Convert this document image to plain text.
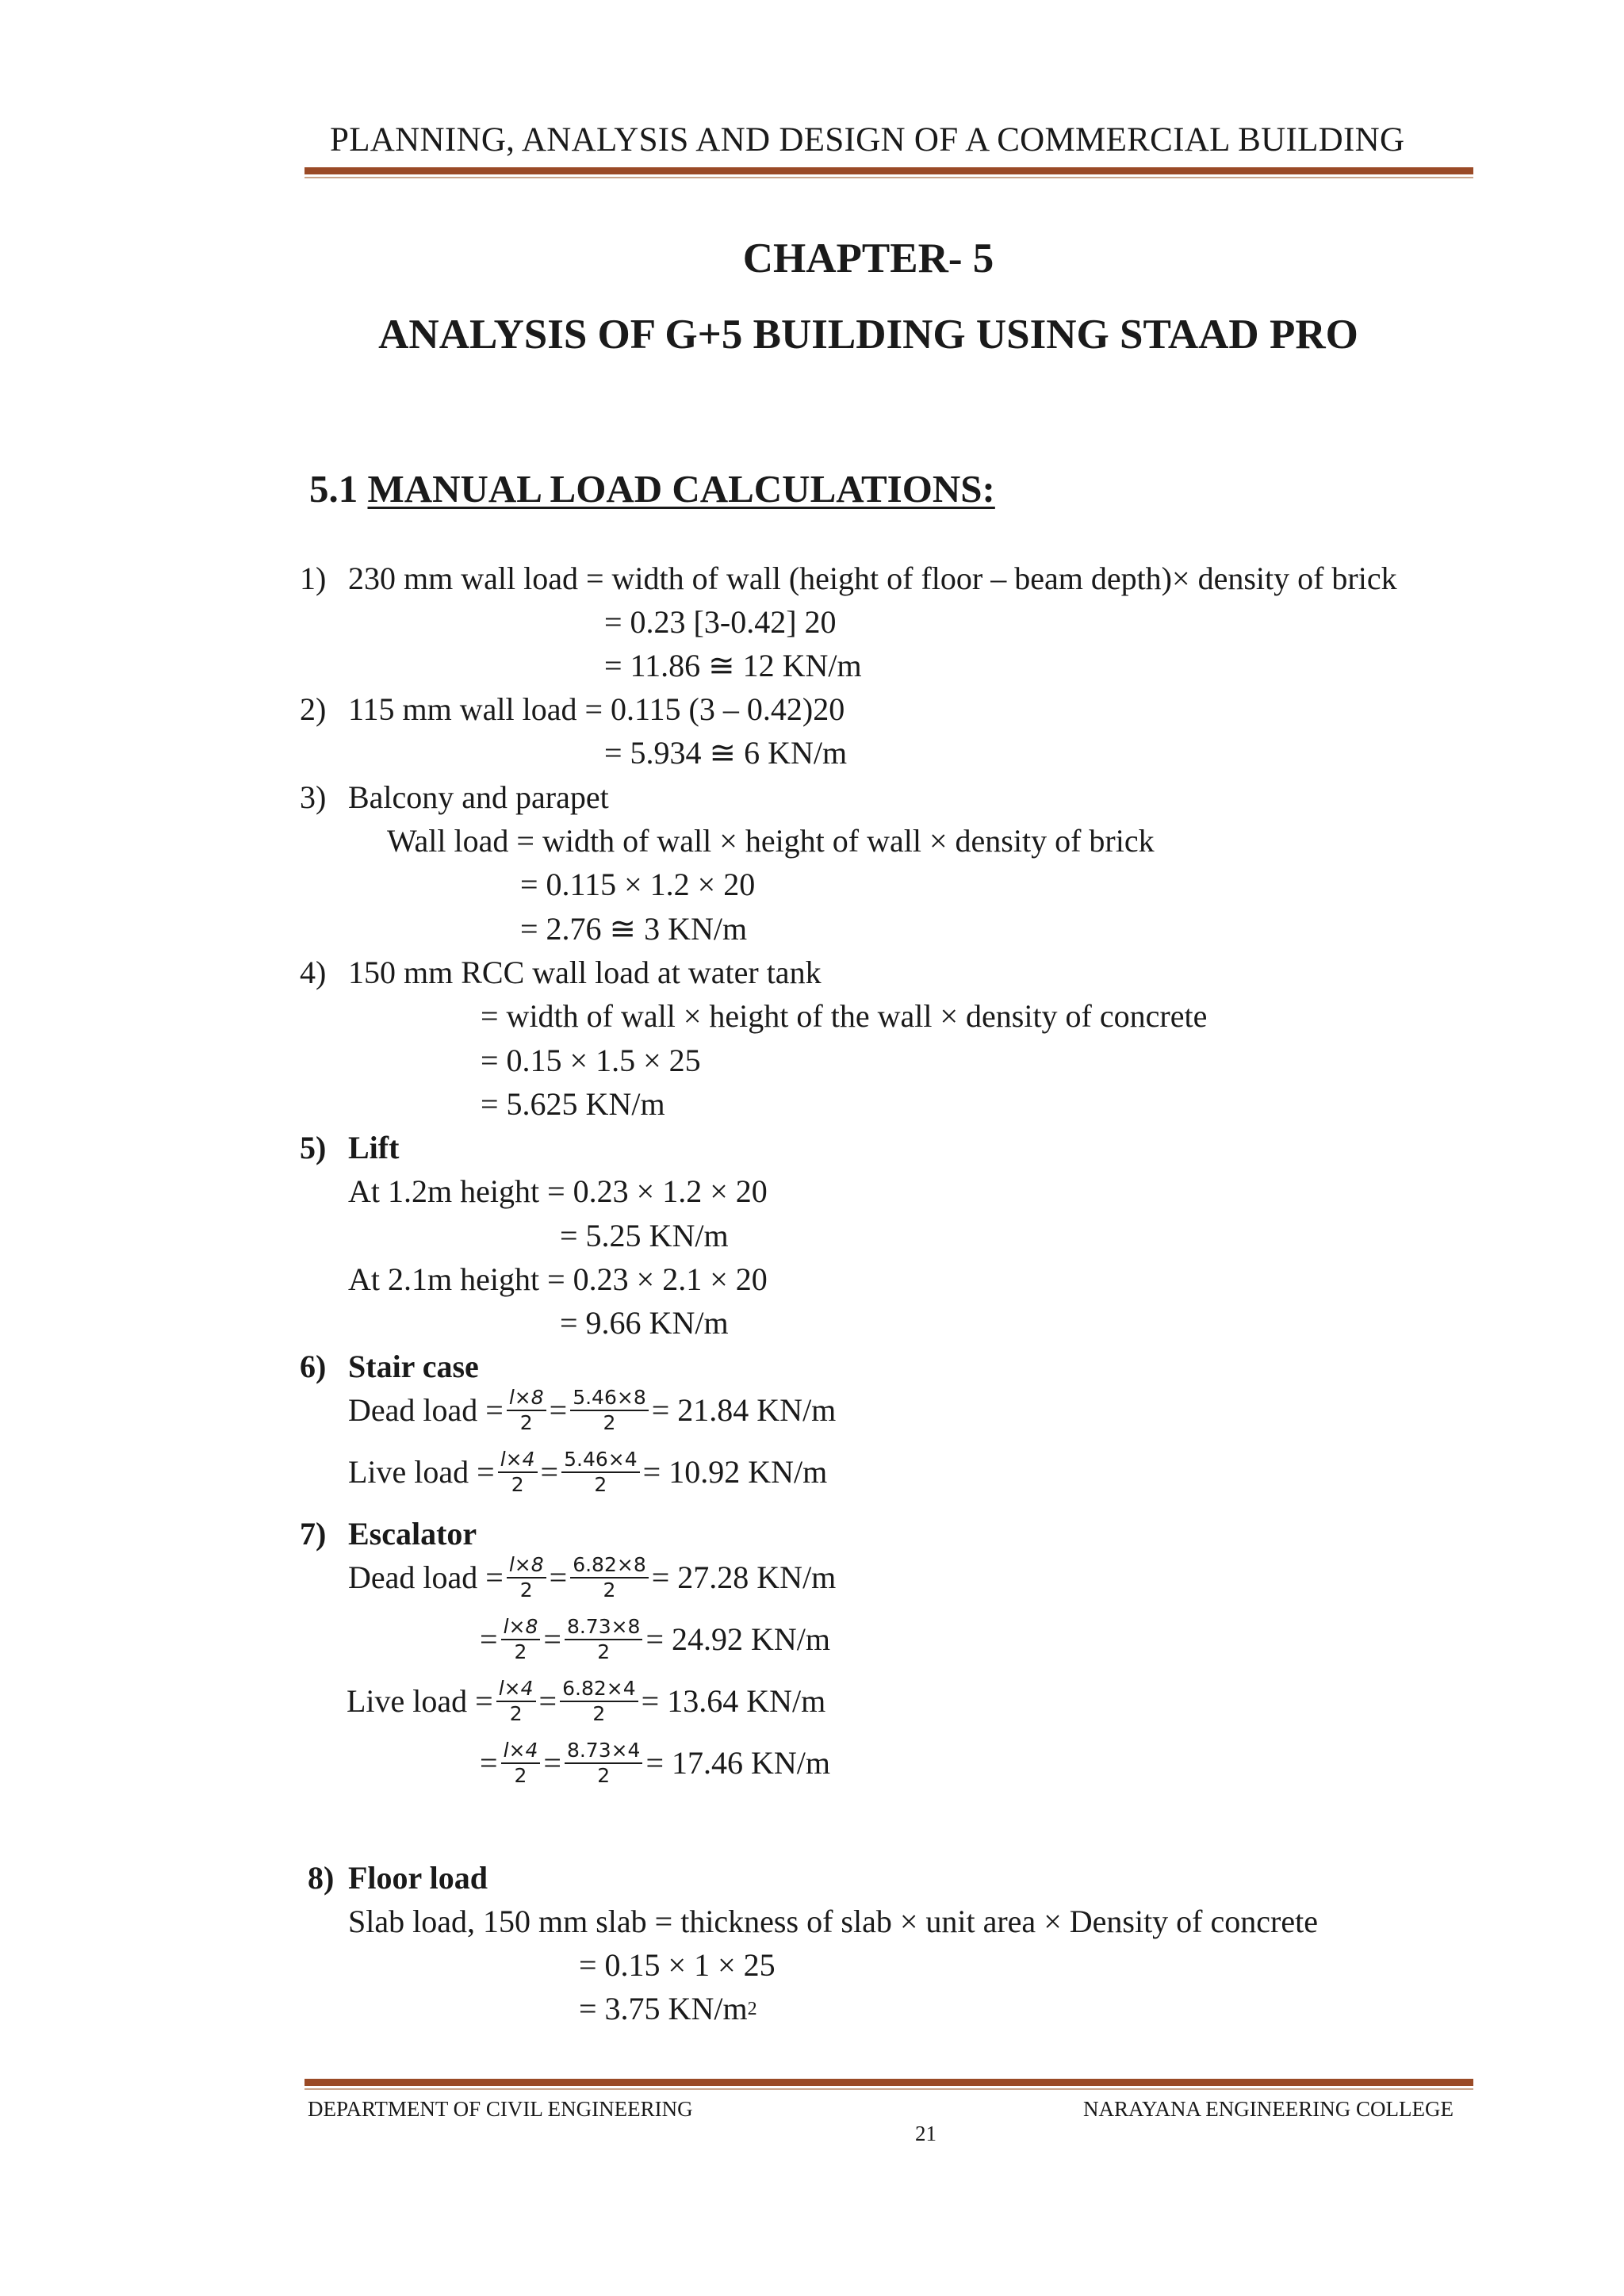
PLANNING, ANALYSIS AND DESIGN OF A COMMERCIAL BUILDING
CHAPTER- 5
ANALYSIS OF G+5 BUILDING USING STAAD PRO
5.1 MANUAL LOAD CALCULATIONS:
1) 230 mm wall load = width of wall (height of floor – beam depth)× density of brick
= 0.23 [3-0.42] 20
= 11.86 ≅ 12 KN/m
2) 115 mm wall load = 0.115 (3 – 0.42)20
= 5.934 ≅ 6 KN/m
3) Balcony and parapet
Wall load = width of wall × height of wall × density of brick
= 0.115 × 1.2 × 20
= 2.76 ≅ 3 KN/m
4) 150 mm RCC wall load at water tank
= width of wall × height of the wall × density of concrete
= 0.15 × 1.5 × 25
= 5.625 KN/m
5) Lift
At 1.2m height = 0.23 × 1.2 × 20
= 5.25 KN/m
At 2.1m height = 0.23 × 2.1 × 20
= 9.66 KN/m
6) Stair case
Dead load = $\frac{l\times 8}{2} = \frac{5.46\times 8}{2} = 21.84$ KN/m
Live load = $\frac{l\times 4}{2} = \frac{5.46\times 4}{2} = 10.92$ KN/m
7) Escalator
Dead load = $\frac{l\times 8}{2} = \frac{6.82\times 8}{2} = 27.28$ KN/m
= $\frac{l\times 8}{2} = \frac{8.73\times 8}{2} = 24.92$ KN/m
Live load = $\frac{l\times 4}{2} = \frac{6.82\times 4}{2} = 13.64$ KN/m
= $\frac{l\times 4}{2} = \frac{8.73\times 4}{2} = 17.46$ KN/m
8) Floor load
Slab load, 150 mm slab = thickness of slab × unit area × Density of concrete
= 0.15 × 1 × 25
= 3.75 $KN/m^2$
DEPARTMENT OF CIVIL ENGINEERING	NARAYANA ENGINEERING COLLEGE
21
